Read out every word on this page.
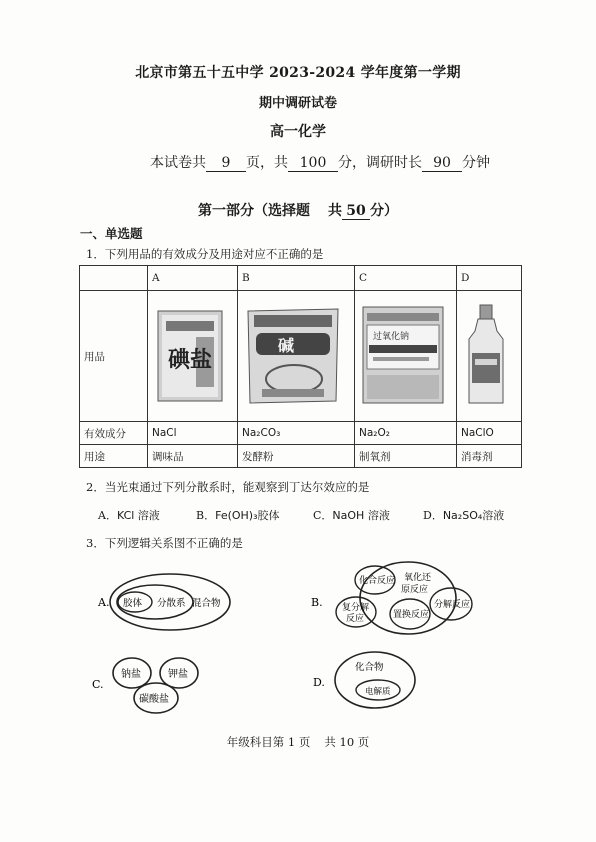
北京市第五十五中学 2023-2024 学年度第一学期
期中调研试卷
高一化学
本试卷共 9 页，共 100 分，调研时长 90 分钟
第一部分（选择题 共 50 分）
一、单选题
1．下列用品的有效成分及用途对应不正确的是
	A	B	C	D
用品	碘盐	碱	过氧化钠

有效成分	NaCl	Na₂CO₃	Na₂O₂	NaClO
用途	调味品	发酵粉	制氧剂	消毒剂
2．当光束通过下列分散系时，能观察到丁达尔效应的是
A．KCl 溶液	B．Fe(OH)₃胶体	C．NaOH 溶液	D．Na₂SO₄溶液
3．下列逻辑关系图不正确的是
A. 胶体 分散系 混合物	B.
化合反应 氧化还
原反应
复分解
反应	置换反应
分解反应
C.
钠盐	钾盐
碳酸盐
D.
化合物
电解质
年级科目第 1 页 共 10 页
